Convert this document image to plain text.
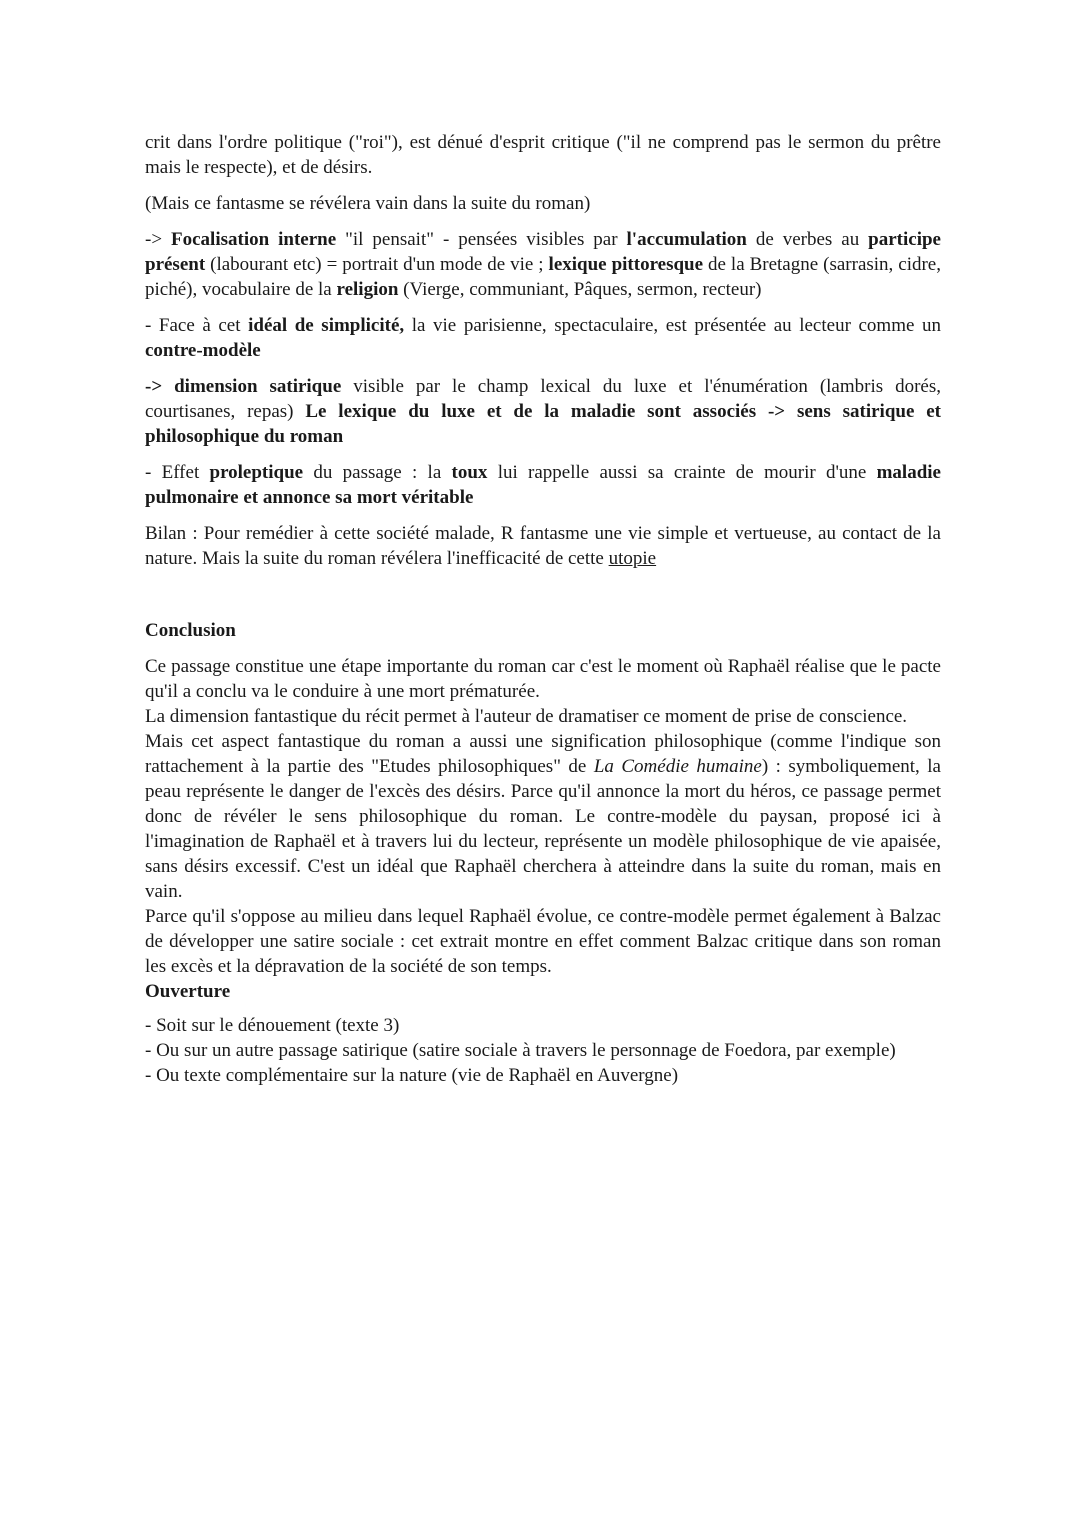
crit dans l'ordre politique ("roi"), est dénué d'esprit critique ("il ne comprend pas le sermon du prêtre mais le respecte), et de désirs.

(Mais ce fantasme se révélera vain dans la suite du roman)

-> Focalisation interne "il pensait" - pensées visibles par l'accumulation de verbes au participe présent (labourant etc) = portrait d'un mode de vie ; lexique pittoresque de la Bretagne (sarrasin, cidre, piché), vocabulaire de la religion (Vierge, communiant, Pâques, sermon, recteur)

- Face à cet idéal de simplicité, la vie parisienne, spectaculaire, est présentée au lecteur comme un contre-modèle

-> dimension satirique visible par le champ lexical du luxe et l'énumération (lambris dorés, courtisanes, repas) Le lexique du luxe et de la maladie sont associés -> sens satirique et philosophique du roman

- Effet proleptique du passage : la toux lui rappelle aussi sa crainte de mourir d'une maladie pulmonaire et annonce sa mort véritable

Bilan : Pour remédier à cette société malade, R fantasme une vie simple et vertueuse, au contact de la nature. Mais la suite du roman révélera l'inefficacité de cette utopie

Conclusion

Ce passage constitue une étape importante du roman car c'est le moment où Raphaël réalise que le pacte qu'il a conclu va le conduire à une mort prématurée.

La dimension fantastique du récit permet à l'auteur de dramatiser ce moment de prise de conscience.

Mais cet aspect fantastique du roman a aussi une signification philosophique (comme l'indique son rattachement à la partie des "Etudes philosophiques" de La Comédie humaine) : symboliquement, la peau représente le danger de l'excès des désirs. Parce qu'il annonce la mort du héros, ce passage permet donc de révéler le sens philosophique du roman. Le contre-modèle du paysan, proposé ici à l'imagination de Raphaël et à travers lui du lecteur, représente un modèle philosophique de vie apaisée, sans désirs excessif. C'est un idéal que Raphaël cherchera à atteindre dans la suite du roman, mais en vain.

Parce qu'il s'oppose au milieu dans lequel Raphaël évolue, ce contre-modèle permet également à Balzac de développer une satire sociale : cet extrait montre en effet comment Balzac critique dans son roman les excès et la dépravation de la société de son temps.

Ouverture
- Soit sur le dénouement (texte 3)
- Ou sur un autre passage satirique (satire sociale à travers le personnage de Foedora, par exemple)
- Ou texte complémentaire sur la nature (vie de Raphaël en Auvergne)
